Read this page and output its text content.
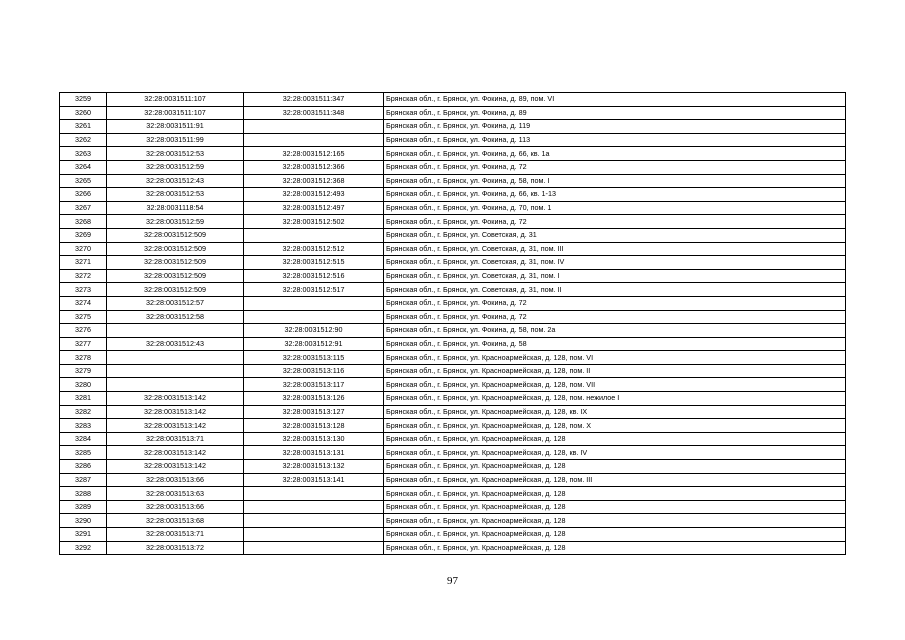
3259	32:28:0031511:107	32:28:0031511:347	Брянская обл., г. Брянск, ул. Фокина, д. 89, пом. VI
3260	32:28:0031511:107	32:28:0031511:348	Брянская обл., г. Брянск, ул. Фокина, д. 89
3261	32:28:0031511:91		Брянская обл., г. Брянск, ул. Фокина, д. 119
3262	32:28:0031511:99		Брянская обл., г. Брянск, ул. Фокина, д. 113
3263	32:28:0031512:53	32:28:0031512:165	Брянская обл., г. Брянск, ул. Фокина, д. 66, кв. 1а
3264	32:28:0031512:59	32:28:0031512:366	Брянская обл., г. Брянск, ул. Фокина, д. 72
3265	32:28:0031512:43	32:28:0031512:368	Брянская обл., г. Брянск, ул. Фокина, д. 58, пом. I
3266	32:28:0031512:53	32:28:0031512:493	Брянская обл., г. Брянск, ул. Фокина, д. 66, кв. 1-13
3267	32:28:0031118:54	32:28:0031512:497	Брянская обл., г. Брянск, ул. Фокина, д. 70, пом. 1
3268	32:28:0031512:59	32:28:0031512:502	Брянская обл., г. Брянск, ул. Фокина, д. 72
3269	32:28:0031512:509		Брянская обл., г. Брянск, ул. Советская, д. 31
3270	32:28:0031512:509	32:28:0031512:512	Брянская обл., г. Брянск, ул. Советская, д. 31, пом. III
3271	32:28:0031512:509	32:28:0031512:515	Брянская обл., г. Брянск, ул. Советская, д. 31, пом. IV
3272	32:28:0031512:509	32:28:0031512:516	Брянская обл., г. Брянск, ул. Советская, д. 31, пом. I
3273	32:28:0031512:509	32:28:0031512:517	Брянская обл., г. Брянск, ул. Советская, д. 31, пом. II
3274	32:28:0031512:57		Брянская обл., г. Брянск, ул. Фокина, д. 72
3275	32:28:0031512:58		Брянская обл., г. Брянск, ул. Фокина, д. 72
3276		32:28:0031512:90	Брянская обл., г. Брянск, ул. Фокина, д. 58, пом. 2а
3277	32:28:0031512:43	32:28:0031512:91	Брянская обл., г. Брянск, ул. Фокина, д. 58
3278		32:28:0031513:115	Брянская обл., г. Брянск, ул. Красноармейская, д. 128, пом. VI
3279		32:28:0031513:116	Брянская обл., г. Брянск, ул. Красноармейская, д. 128, пом. II
3280		32:28:0031513:117	Брянская обл., г. Брянск, ул. Красноармейская, д. 128, пом. VII
3281	32:28:0031513:142	32:28:0031513:126	Брянская обл., г. Брянск, ул. Красноармейская, д. 128, пом. нежилое I
3282	32:28:0031513:142	32:28:0031513:127	Брянская обл., г. Брянск, ул. Красноармейская, д. 128, кв. IX
3283	32:28:0031513:142	32:28:0031513:128	Брянская обл., г. Брянск, ул. Красноармейская, д. 128, пом. X
3284	32:28:0031513:71	32:28:0031513:130	Брянская обл., г. Брянск, ул. Красноармейская, д. 128
3285	32:28:0031513:142	32:28:0031513:131	Брянская обл., г. Брянск, ул. Красноармейская, д. 128, кв. IV
3286	32:28:0031513:142	32:28:0031513:132	Брянская обл., г. Брянск, ул. Красноармейская, д. 128
3287	32:28:0031513:66	32:28:0031513:141	Брянская обл., г. Брянск, ул. Красноармейская, д. 128, пом. III
3288	32:28:0031513:63		Брянская обл., г. Брянск, ул. Красноармейская, д. 128
3289	32:28:0031513:66		Брянская обл., г. Брянск, ул. Красноармейская, д. 128
3290	32:28:0031513:68		Брянская обл., г. Брянск, ул. Красноармейская, д. 128
3291	32:28:0031513:71		Брянская обл., г. Брянск, ул. Красноармейская, д. 128
3292	32:28:0031513:72		Брянская обл., г. Брянск, ул. Красноармейская, д. 128
97
